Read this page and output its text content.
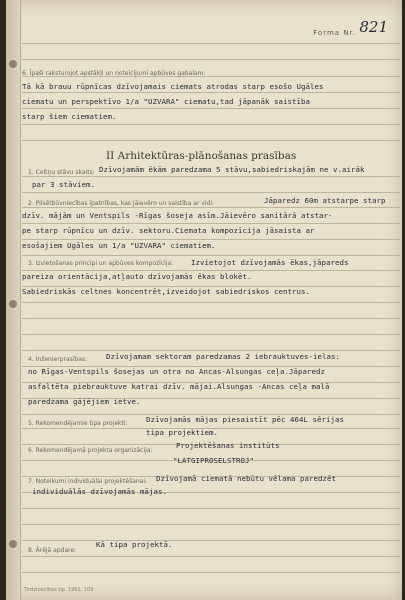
Forma Nr. 821
6. Īpaši raksturojot apstākļi un noteicījumi apbūves gabalam:
Tā kā brauu rūpnīcas dzīvojamais ciemats atrodas starp esošo Ugāles
ciematu un perspektīvo 1/a "UZVARA" ciematu,tad jāpanāk saistība
starp šiem ciematiem.
II Arhitektūras-plānošanas prasības
1. Celtņu stāvu skaits: Dzīvojamām ēkām paredzama 5 stāvu,sabiedriskajām ne v.airāk
par 3 stāviem.
2. Pilsētbūvniecības īpatnības, kas jāievēro un saistība ar vidi:	Jāparedz 60m atstarpe starp
dzīv. mājām un Ventspils -Rīgas šoseja asīm.Jāievēro sanitārā atstar-
pe starp rūpnīcu un dzīv. sektoru.Ciemata kompozīcija jāsaista ar
esošajiem Ugāles un 1/a "UZVARA" ciematiem.
3. Izvietošanas principi un apbūves kompozīcija: Izvietojot dzīvojamās ēkas,jāpareds
pareiza orientācija,atļauto dzīvojamās ēkas blokēt.
Sabiedriskās celtnes koncentrēt,izveidojot sabiedriskos centrus.
4. Inženierprasības:	Dzīvojamam sektoram paredzamas 2 iebrauktuves-ielas:
no Rīgas-Ventspils šosejas un otra no Ancas-Alsungas ceļa.Jāparedz
asfaltēta piebrauktuve katrai dzīv. mājai.Alsungas -Ancas ceļa malā
paredzama gājējiem ietve.
5. Rekomendējamie tipa projekti: Dzīvojamās mājas piesaistīt pēc 464L sērijas
tipa projektiem.
6. Rekomendējamā projekta organizācija:
Projektēšanas institūts
"LATGIPROSELSTROJ"
7. Noteikumi individuālai projektēšanai: Dzīvojamā ciematā nebūtu vēlama paredzēt
individuālās dzīvojamās mājas.
8. Ārējā apdare:
Kā tipa projektā.
Tirdzniecības tip. 1961. 109
